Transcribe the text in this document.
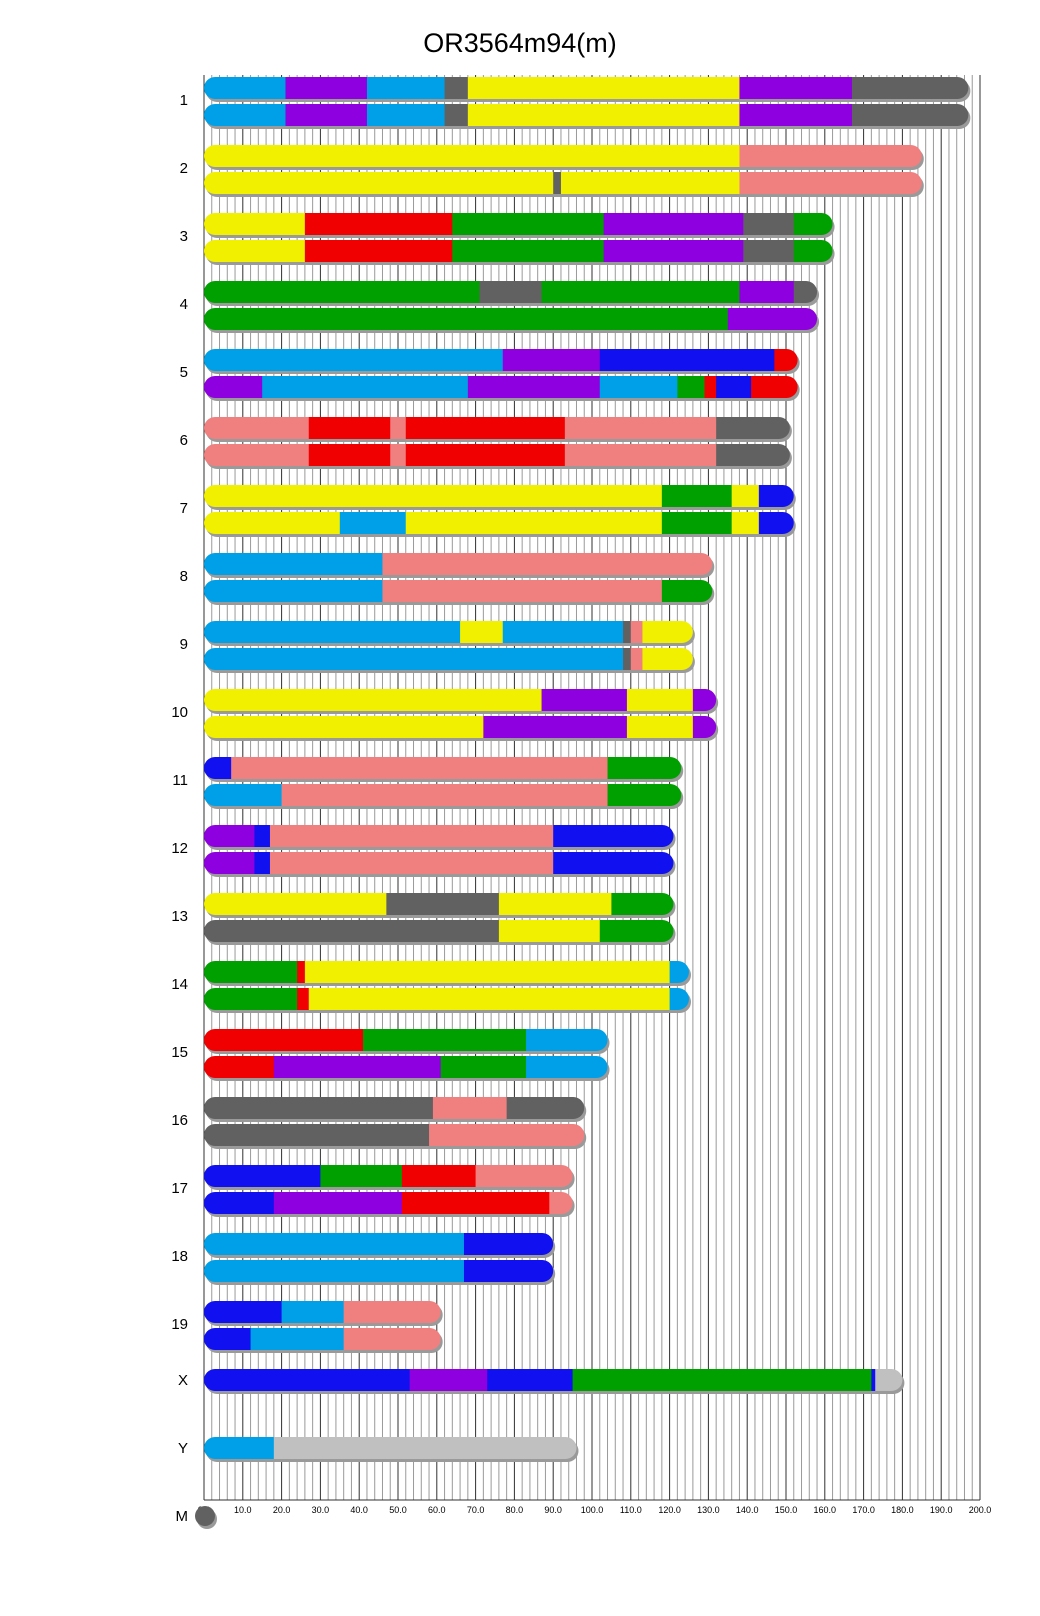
OR3564m94(m)
10.0 20.0 30.0 40.0 50.0 60.0 70.0 80.0 90.0 100.0 110.0 120.0 130.0 140.0 150.0 160.0 170.0 180.0 190.0 200.0
1
2
3
4
5
6
7
8
9
10
11
12
13
14
15
16
17
18
19
X
Y
M
